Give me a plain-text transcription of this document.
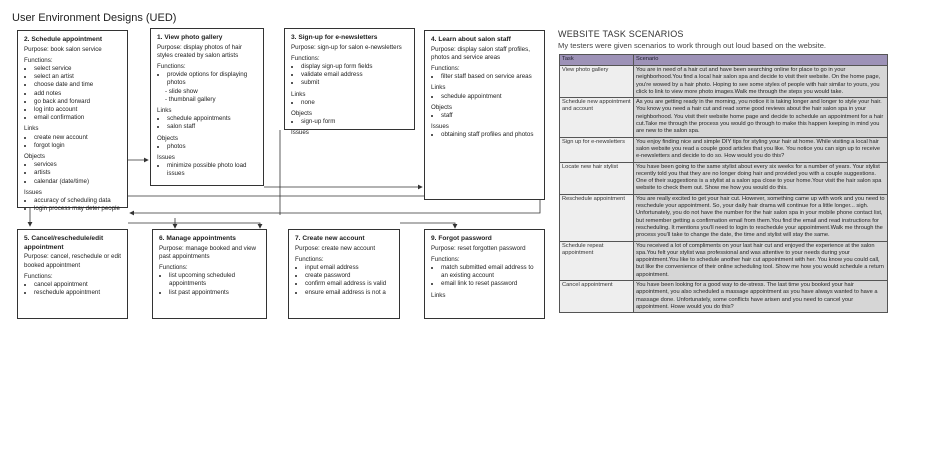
User Environment Designs (UED)
2. Schedule appointment
Purpose: book salon service
Functions:
• select service
• select an artist
• choose date and time
• add notes
• go back and forward
• log into account
• email confirmation
Links
• create new account
• forgot login
Objects
• services
• artists
• calendar (date/time)
Issues
• accuracy of scheduling data
• login process may deter people
1. View photo gallery
Purpose: display photos of hair styles created by salon artists
Functions:
• provide options for displaying photos
- slide show
- thumbnail gallery
Links
• schedule appointments
• salon staff
Objects
• photos
Issues
• minimize possible photo load issues
3. Sign-up for e-newsletters
Purpose: sign-up for salon e-newsletters
Functions:
• display sign-up form fields
• validate email address
• submit
Links
• none
Objects
• sign-up form
Issues
4. Learn about salon staff
Purpose: display salon staff profiles, photos and service areas
Functions:
• filter staff based on service areas
Links
• schedule appointment
Objects
• staff
Issues
• obtaining staff profiles and photos
5. Cancel/reschedule/edit appointment
Purpose: cancel, reschedule or edit booked appointment
Functions:
• cancel appointment
• reschedule appointment
6. Manage appointments
Purpose: manage booked and view past appointments
Functions:
• list upcoming scheduled appointments
• list past appointments
7. Create new account
Purpose: create new account
Functions:
• input email address
• create password
• confirm email address is valid
• ensure email address is not a
9. Forgot password
Purpose: reset forgotten password
Functions:
• match submitted email address to an existing account
• email link to reset password
Links
WEBSITE TASK SCENARIOS
My testers were given scenarios to work through out loud based on the website.
Task	Scenario
View photo gallery	You are in need of a hair cut and have been searching online for place to go in your neighborhood.You find a local hair salon spa and decide to visit their website. On the home page, you're wowed by a hair photo. Hoping to see some styles of people with hair similar to yours, you click to link to view more photo images.Walk me through the steps you would take.
Schedule new appointment and account	As you are getting ready in the morning, you notice it is taking longer and longer to style your hair. You know you need a hair cut and read some good reviews about the hair salon spa in your neighborhood. You visit their website home page and decide to schedule an appointment for a hair cut.Take me through the process you would go through to make this happen keeping in mind you are new to the salon spa.
Sign up for e-newsletters	You enjoy finding nice and simple DIY tips for styling your hair at home. While visiting a local hair salon website you read a couple good articles that you like. You notice you can sign up to receive e-newsletters and decide to do so. How would you do this?
Locate new hair stylist	You have been going to the same stylist about every six weeks for a number of years. Your stylist recently told you that they are no longer doing hair and provided you with a couple suggestions. One of their suggestions is a stylist at a salon spa close to your home.Your visit the hair salon spa website to check them out. Show me how you would do this.
Reschedule appointment	You are really excited to get your hair cut. However, something came up with work and you need to reschedule your appointment. So, your daily hair drama will continue for a little longer... sigh. Unfortunately, you do not have the number for the hair salon spa in your mobile phone contact list, but remember getting a confirmation email from them.You find the email and read instructions for rescheduling. It mentions you'll need to login to reschedule your appointment.Walk me through the process you'll take to change the date, the time and stylist will stay the same.
Schedule repeat appointment	You received a lot of compliments on your last hair cut and enjoyed the experience at the salon spa.You felt your stylist was professional and was attentive to your needs during your appointment.You like to schedule another hair cut appointment with her. You know you could call, but like the convenience of their online scheduling tool. Show me how you would schedule a return appointment.
Cancel appointment	You have been looking for a good way to de-stress. The last time you booked your hair appointment, you also scheduled a massage appointment as you have always wanted to have a massage done. Unfortunately, some conflicts have arisen and you need to cancel your appointment. Howe would you do this?
